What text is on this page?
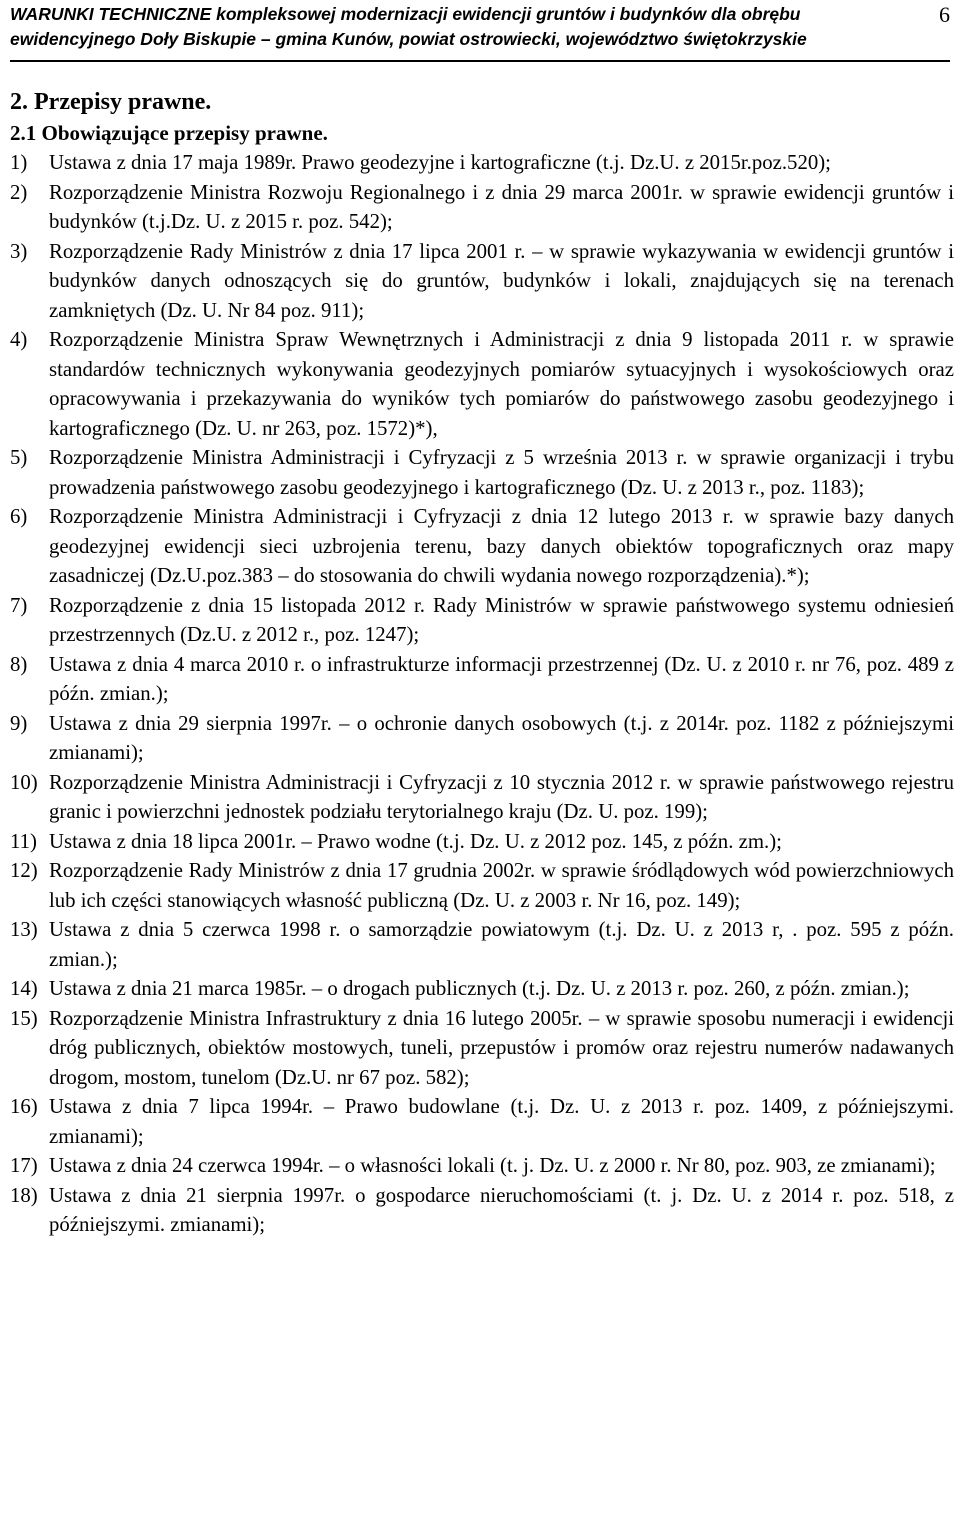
WARUNKI TECHNICZNE kompleksowej modernizacji ewidencji gruntów i budynków dla obrębu
ewidencyjnego Doły Biskupie – gmina Kunów, powiat ostrowiecki, województwo świętokrzyskie
6
2. Przepisy prawne.
2.1 Obowiązujące przepisy prawne.
1)	Ustawa z dnia 17 maja 1989r. Prawo geodezyjne i kartograficzne (t.j. Dz.U. z 2015r.poz.520);
2)	Rozporządzenie Ministra Rozwoju Regionalnego i z dnia 29 marca 2001r. w sprawie ewidencji gruntów i budynków (t.j.Dz. U. z 2015 r. poz. 542);
3)	Rozporządzenie Rady Ministrów z dnia 17 lipca 2001 r. – w sprawie wykazywania w ewidencji gruntów i budynków danych odnoszących się do gruntów, budynków i lokali, znajdujących się na terenach zamkniętych (Dz. U. Nr 84 poz. 911);
4)	Rozporządzenie Ministra Spraw Wewnętrznych i Administracji z dnia 9 listopada 2011 r. w sprawie standardów technicznych wykonywania geodezyjnych pomiarów sytuacyjnych i wysokościowych oraz opracowywania i przekazywania do wyników tych pomiarów do państwowego zasobu geodezyjnego i kartograficznego (Dz. U. nr 263, poz. 1572)*),
5)	Rozporządzenie Ministra Administracji i Cyfryzacji z 5 września 2013 r. w sprawie organizacji i trybu prowadzenia państwowego zasobu geodezyjnego i kartograficznego (Dz. U. z 2013 r., poz. 1183);
6)	Rozporządzenie Ministra Administracji i Cyfryzacji z dnia 12 lutego 2013 r. w sprawie bazy danych geodezyjnej ewidencji sieci uzbrojenia terenu, bazy danych obiektów topograficznych oraz mapy zasadniczej (Dz.U.poz.383 – do stosowania do chwili wydania nowego rozporządzenia).*);
7)	Rozporządzenie z dnia 15 listopada 2012 r. Rady Ministrów w sprawie państwowego systemu odniesień przestrzennych (Dz.U. z 2012 r., poz. 1247);
8)	Ustawa z dnia 4 marca 2010 r. o infrastrukturze informacji przestrzennej (Dz. U. z 2010 r. nr 76, poz. 489 z późn. zmian.);
9)	Ustawa z dnia 29 sierpnia 1997r. – o ochronie danych osobowych (t.j. z 2014r. poz. 1182 z późniejszymi zmianami);
10) Rozporządzenie Ministra Administracji i Cyfryzacji z 10 stycznia 2012 r. w sprawie państwowego rejestru granic i powierzchni jednostek podziału terytorialnego kraju (Dz. U. poz. 199);
11) Ustawa z dnia 18 lipca 2001r. – Prawo wodne (t.j. Dz. U. z 2012 poz. 145, z późn. zm.);
12) Rozporządzenie Rady Ministrów z dnia 17 grudnia 2002r. w sprawie śródlądowych wód powierzchniowych lub ich części stanowiących własność publiczną (Dz. U. z 2003 r. Nr 16, poz. 149);
13) Ustawa z dnia 5 czerwca 1998 r. o samorządzie powiatowym (t.j. Dz. U. z 2013 r, . poz. 595 z późn. zmian.);
14) Ustawa z dnia 21 marca 1985r. – o drogach publicznych (t.j. Dz. U. z 2013 r. poz. 260, z późn. zmian.);
15) Rozporządzenie Ministra Infrastruktury z dnia 16 lutego 2005r. – w sprawie sposobu numeracji i ewidencji dróg publicznych, obiektów mostowych, tuneli, przepustów i promów oraz rejestru numerów nadawanych drogom, mostom, tunelom (Dz.U. nr 67 poz. 582);
16) Ustawa z dnia 7 lipca 1994r. – Prawo budowlane (t.j. Dz. U. z 2013 r. poz. 1409, z późniejszymi. zmianami);
17) Ustawa z dnia 24 czerwca 1994r. – o własności lokali (t. j. Dz. U. z 2000 r. Nr 80, poz. 903, ze zmianami);
18) Ustawa z dnia 21 sierpnia 1997r. o gospodarce nieruchomościami (t. j. Dz. U. z 2014 r. poz. 518, z późniejszymi. zmianami);
